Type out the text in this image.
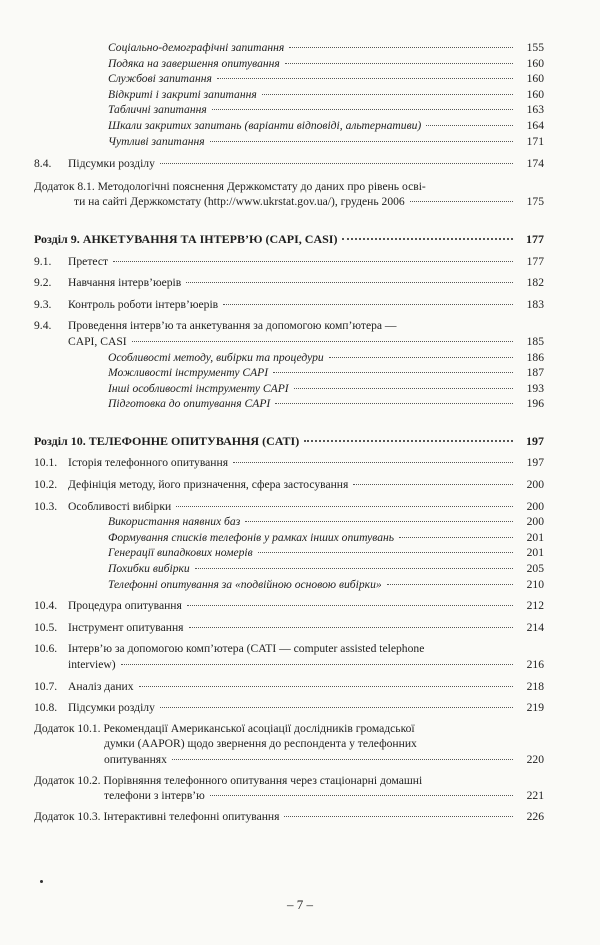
Соціально-демографічні запитання	155
Подяка на завершення опитування	160
Службові запитання	160
Відкриті і закриті запитання	160
Табличні запитання	163
Шкали закритих запитань (варіанти відповіді, альтернативи)	164
Чутливі запитання	171
8.4.	Підсумки розділу	174
Додаток 8.1. Методологічні пояснення Держкомстату до даних про рівень осві-
ти на сайті Держкомстату (http://www.ukrstat.gov.ua/), грудень 2006	175
Розділ 9. АНКЕТУВАННЯ ТА ІНТЕРВ’Ю (CAPI, CASI)	177
9.1.	Претест	177
9.2.	Навчання інтерв’юерів	182
9.3.	Контроль роботи інтерв’юерів	183
9.4.	Проведення інтерв’ю та анкетування за допомогою комп’ютера —
CAPI, CASI	185
Особливості методу, вибірки та процедури	186
Можливості інструменту CAPI	187
Інші особливості інструменту CAPI	193
Підготовка до опитування CAPI	196
Розділ 10. ТЕЛЕФОННЕ ОПИТУВАННЯ (CATI)	197
10.1. Історія телефонного опитування	197
10.2. Дефініція методу, його призначення, сфера застосування	200
10.3. Особливості вибірки	200
Використання наявних баз	200
Формування списків телефонів у рамках інших опитувань	201
Генерації випадкових номерів	201
Похибки вибірки	205
Телефонні опитування за «подвійною основою вибірки»	210
10.4. Процедура опитування	212
10.5. Інструмент опитування	214
10.6. Інтерв’ю за допомогою комп’ютера (CATI — computer assisted telephone
interview)	216
10.7. Аналіз даних	218
10.8. Підсумки розділу	219
Додаток 10.1. Рекомендації Американської асоціації дослідників громадської
думки (AAPOR) щодо звернення до респондента у телефонних
опитуваннях	220
Додаток 10.2. Порівняння телефонного опитування через стаціонарні домашні
телефони з інтерв’ю	221
Додаток 10.3. Інтерактивні телефонні опитування	226
– 7 –
